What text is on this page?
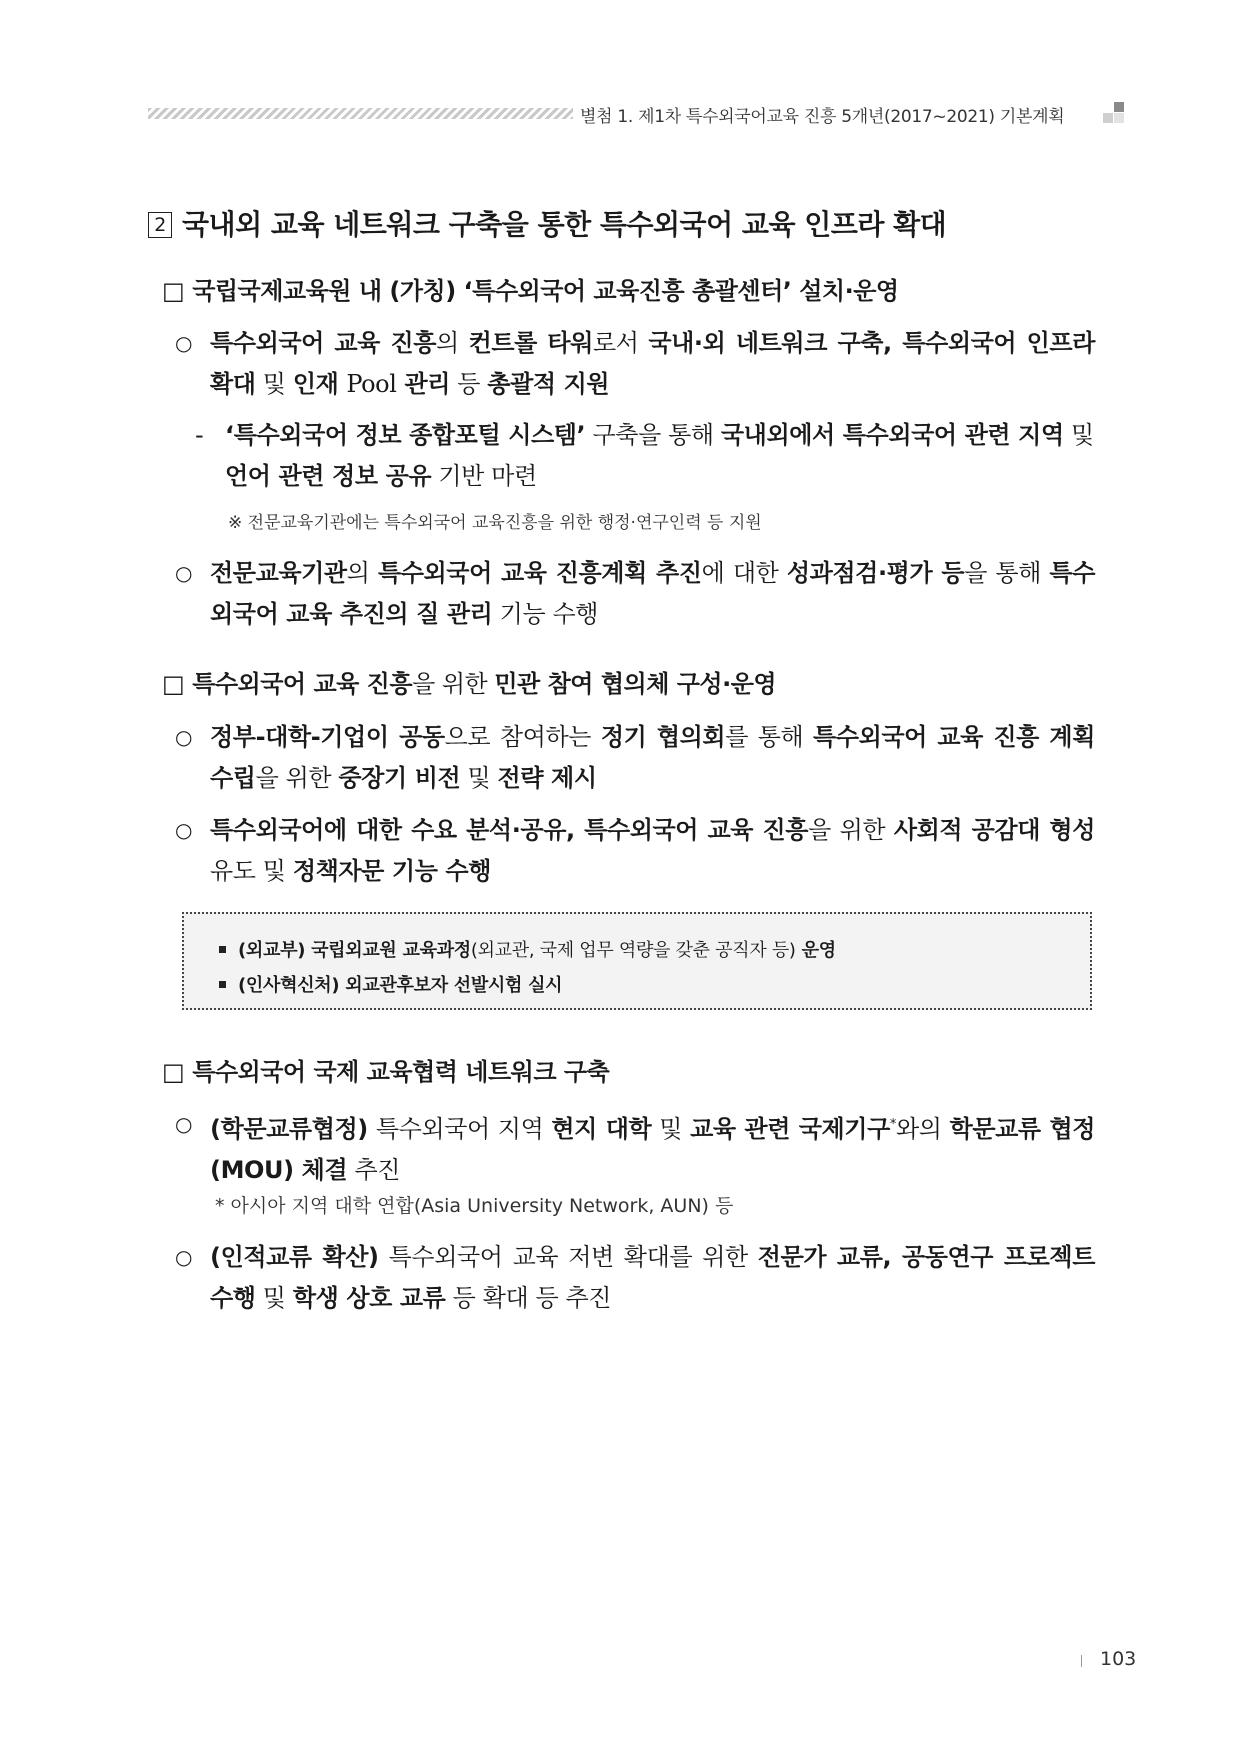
별첨 1. 제1차 특수외국어교육 진흥 5개년(2017~2021) 기본계획
2 국내외 교육 네트워크 구축을 통한 특수외국어 교육 인프라 확대
□ 국립국제교육원 내 (가칭) ‘특수외국어 교육진흥 총괄센터’ 설치·운영
○ 특수외국어 교육 진흥의 컨트롤 타워로서 국내·외 네트워크 구축, 특수외국어 인프라 확대 및 인재 Pool 관리 등 총괄적 지원
- ‘특수외국어 정보 종합포털 시스템’ 구축을 통해 국내외에서 특수외국어 관련 지역 및 언어 관련 정보 공유 기반 마련
※ 전문교육기관에는 특수외국어 교육진흥을 위한 행정·연구인력 등 지원
○ 전문교육기관의 특수외국어 교육 진흥계획 추진에 대한 성과점검·평가 등을 통해 특수외국어 교육 추진의 질 관리 기능 수행
□ 특수외국어 교육 진흥을 위한 민관 참여 협의체 구성·운영
○ 정부-대학-기업이 공동으로 참여하는 정기 협의회를 통해 특수외국어 교육 진흥 계획수립을 위한 중장기 비전 및 전략 제시
○ 특수외국어에 대한 수요 분석·공유, 특수외국어 교육 진흥을 위한 사회적 공감대 형성 유도 및 정책자문 기능 수행
(외교부) 국립외교원 교육과정(외교관, 국제 업무 역량을 갖춘 공직자 등) 운영
(인사혁신처) 외교관후보자 선발시험 실시
□ 특수외국어 국제 교육협력 네트워크 구축
○ (학문교류협정) 특수외국어 지역 현지 대학 및 교육 관련 국제기구*와의 학문교류 협정(MOU) 체결 추진
* 아시아 지역 대학 연합(Asia University Network, AUN) 등
○ (인적교류 확산) 특수외국어 교육 저변 확대를 위한 전문가 교류, 공동연구 프로젝트 수행 및 학생 상호 교류 등 확대 등 추진
103
